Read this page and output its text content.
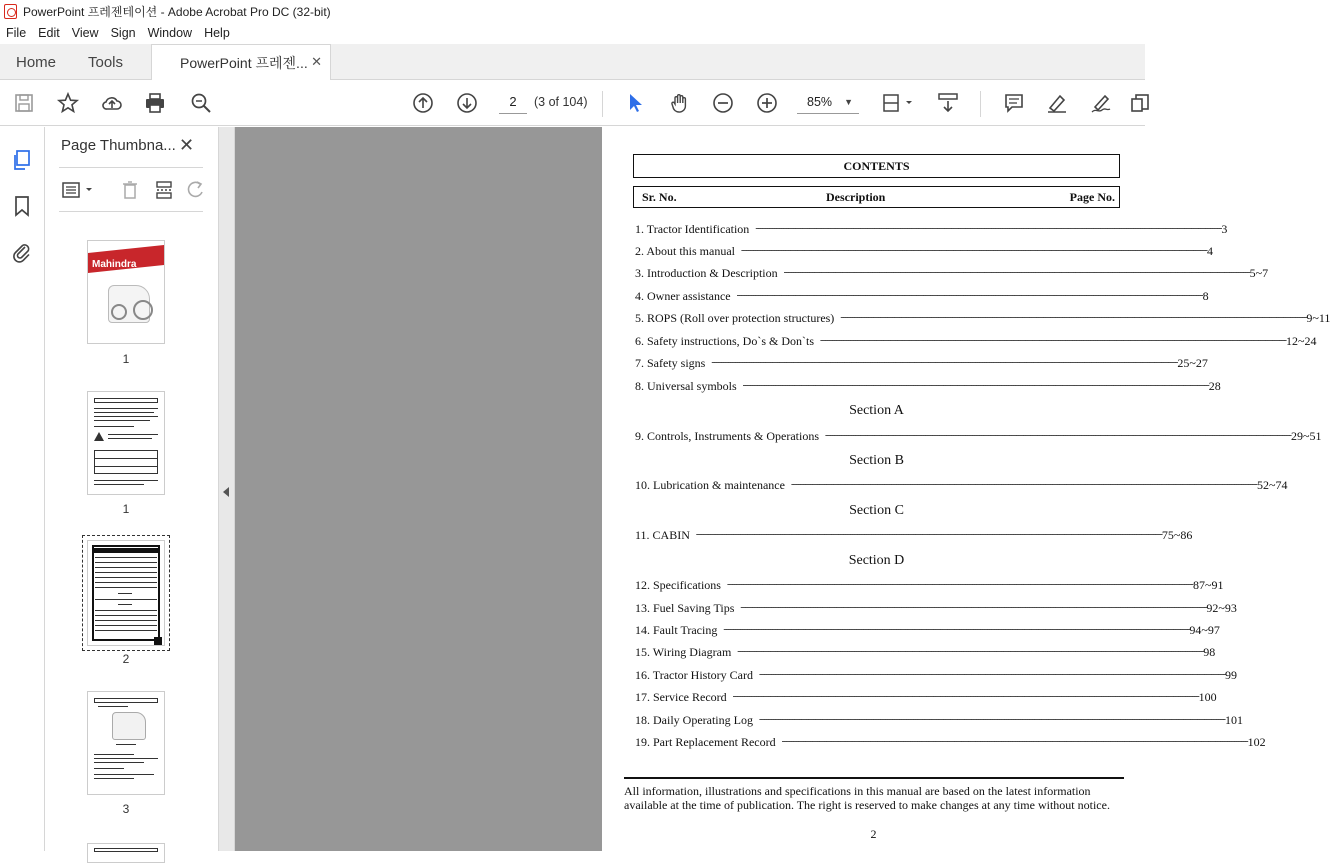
PowerPoint 프레젠테이션 - Adobe Acrobat Pro DC (32-bit)
File Edit View Sign Window Help
Home Tools	PowerPoint 프레젠... ✕
2	(3 of 104)	85% ▼
Page Thumbna... ✕
Mahindra
1
1
2
3
CONTENTS
Sr. No.	Description	Page No.
1. Tractor Identification -------------------------------------------------------------------------------------------------------------------------------------------------------------------------------------------------------- 3
2. About this manual -------------------------------------------------------------------------------------------------------------------------------------------------------------------------------------------------------- 4
3. Introduction & Description -------------------------------------------------------------------------------------------------------------------------------------------------------------------------------------------------------- 5~7
4. Owner assistance -------------------------------------------------------------------------------------------------------------------------------------------------------------------------------------------------------- 8
5. ROPS (Roll over protection structures) -------------------------------------------------------------------------------------------------------------------------------------------------------------------------------------------------------- 9~11
6. Safety instructions, Do`s & Don`ts -------------------------------------------------------------------------------------------------------------------------------------------------------------------------------------------------------- 12~24
7. Safety signs -------------------------------------------------------------------------------------------------------------------------------------------------------------------------------------------------------- 25~27
8. Universal symbols -------------------------------------------------------------------------------------------------------------------------------------------------------------------------------------------------------- 28
Section A
9. Controls, Instruments & Operations -------------------------------------------------------------------------------------------------------------------------------------------------------------------------------------------------------- 29~51
Section B
10. Lubrication & maintenance -------------------------------------------------------------------------------------------------------------------------------------------------------------------------------------------------------- 52~74
Section C
11. CABIN -------------------------------------------------------------------------------------------------------------------------------------------------------------------------------------------------------- 75~86
Section D
12. Specifications -------------------------------------------------------------------------------------------------------------------------------------------------------------------------------------------------------- 87~91
13. Fuel Saving Tips -------------------------------------------------------------------------------------------------------------------------------------------------------------------------------------------------------- 92~93
14. Fault Tracing -------------------------------------------------------------------------------------------------------------------------------------------------------------------------------------------------------- 94~97
15. Wiring Diagram -------------------------------------------------------------------------------------------------------------------------------------------------------------------------------------------------------- 98
16. Tractor History Card -------------------------------------------------------------------------------------------------------------------------------------------------------------------------------------------------------- 99
17. Service Record -------------------------------------------------------------------------------------------------------------------------------------------------------------------------------------------------------- 100
18. Daily Operating Log -------------------------------------------------------------------------------------------------------------------------------------------------------------------------------------------------------- 101
19. Part Replacement Record -------------------------------------------------------------------------------------------------------------------------------------------------------------------------------------------------------- 102
All information, illustrations and specifications in this manual are based on the latest information available at the time of publication. The right is reserved to make changes at any time without notice.
2
